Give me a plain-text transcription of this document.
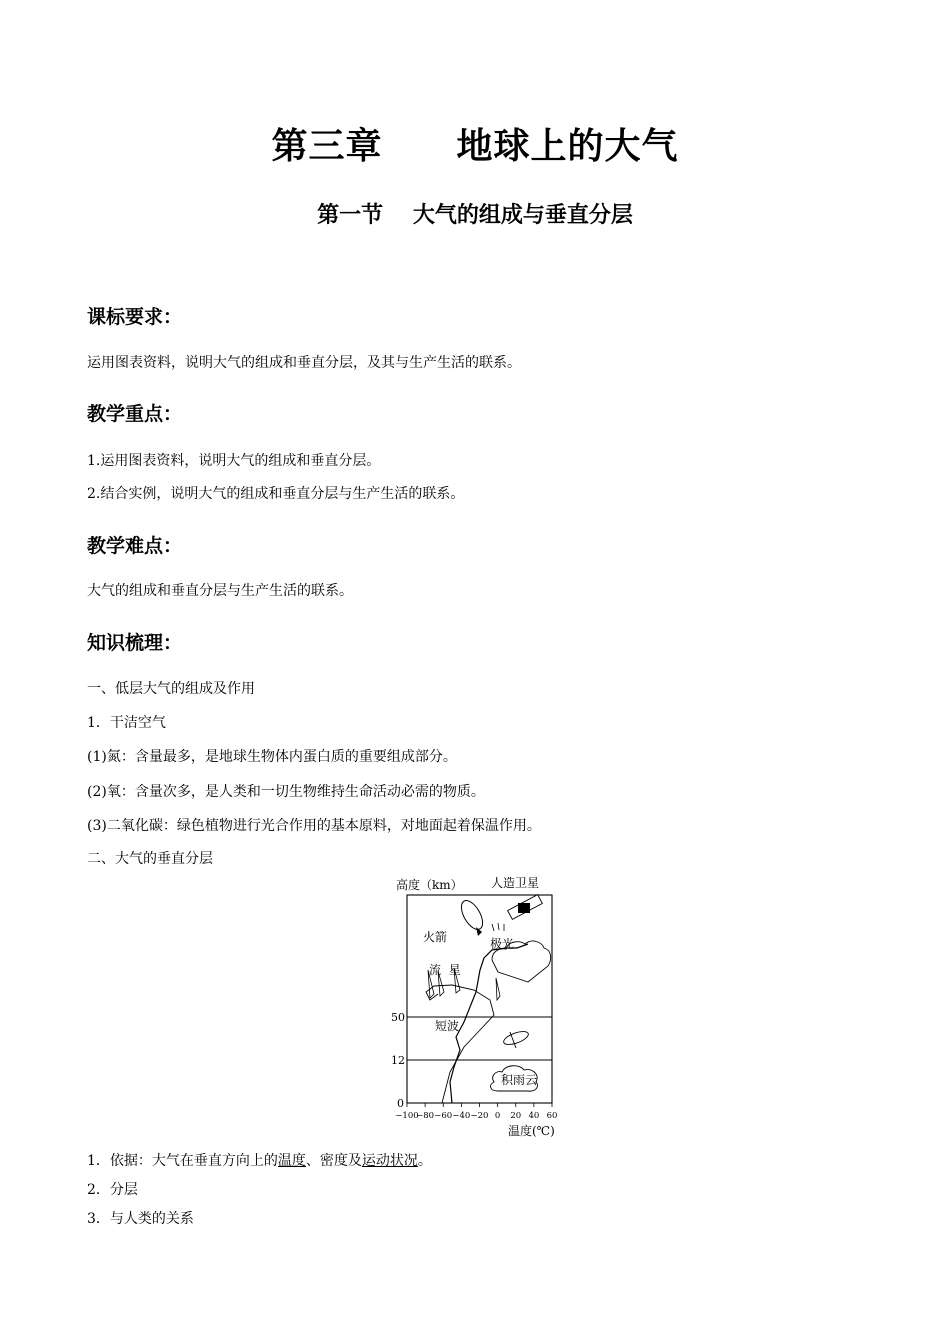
第三章　　地球上的大气
第一节　 大气的组成与垂直分层
课标要求：
运用图表资料，说明大气的组成和垂直分层，及其与生产生活的联系。
教学重点：
1.运用图表资料，说明大气的组成和垂直分层。
2.结合实例，说明大气的组成和垂直分层与生产生活的联系。
教学难点：
大气的组成和垂直分层与生产生活的联系。
知识梳理：
一、低层大气的组成及作用
1．干洁空气
(1)氮：含量最多，是地球生物体内蛋白质的重要组成部分。
(2)氧：含量次多，是人类和一切生物维持生命活动必需的物质。
(3)二氧化碳：绿色植物进行光合作用的基本原料，对地面起着保温作用。
二、大气的垂直分层
高度（km） 人造卫星
50
12
0
火箭	极光
流  星
短波
积雨云
−100
−80 −60 −40 −20 0 20 40 60
温度(℃)
1．依据：大气在垂直方向上的温度、密度及运动状况。
2．分层
3．与人类的关系
